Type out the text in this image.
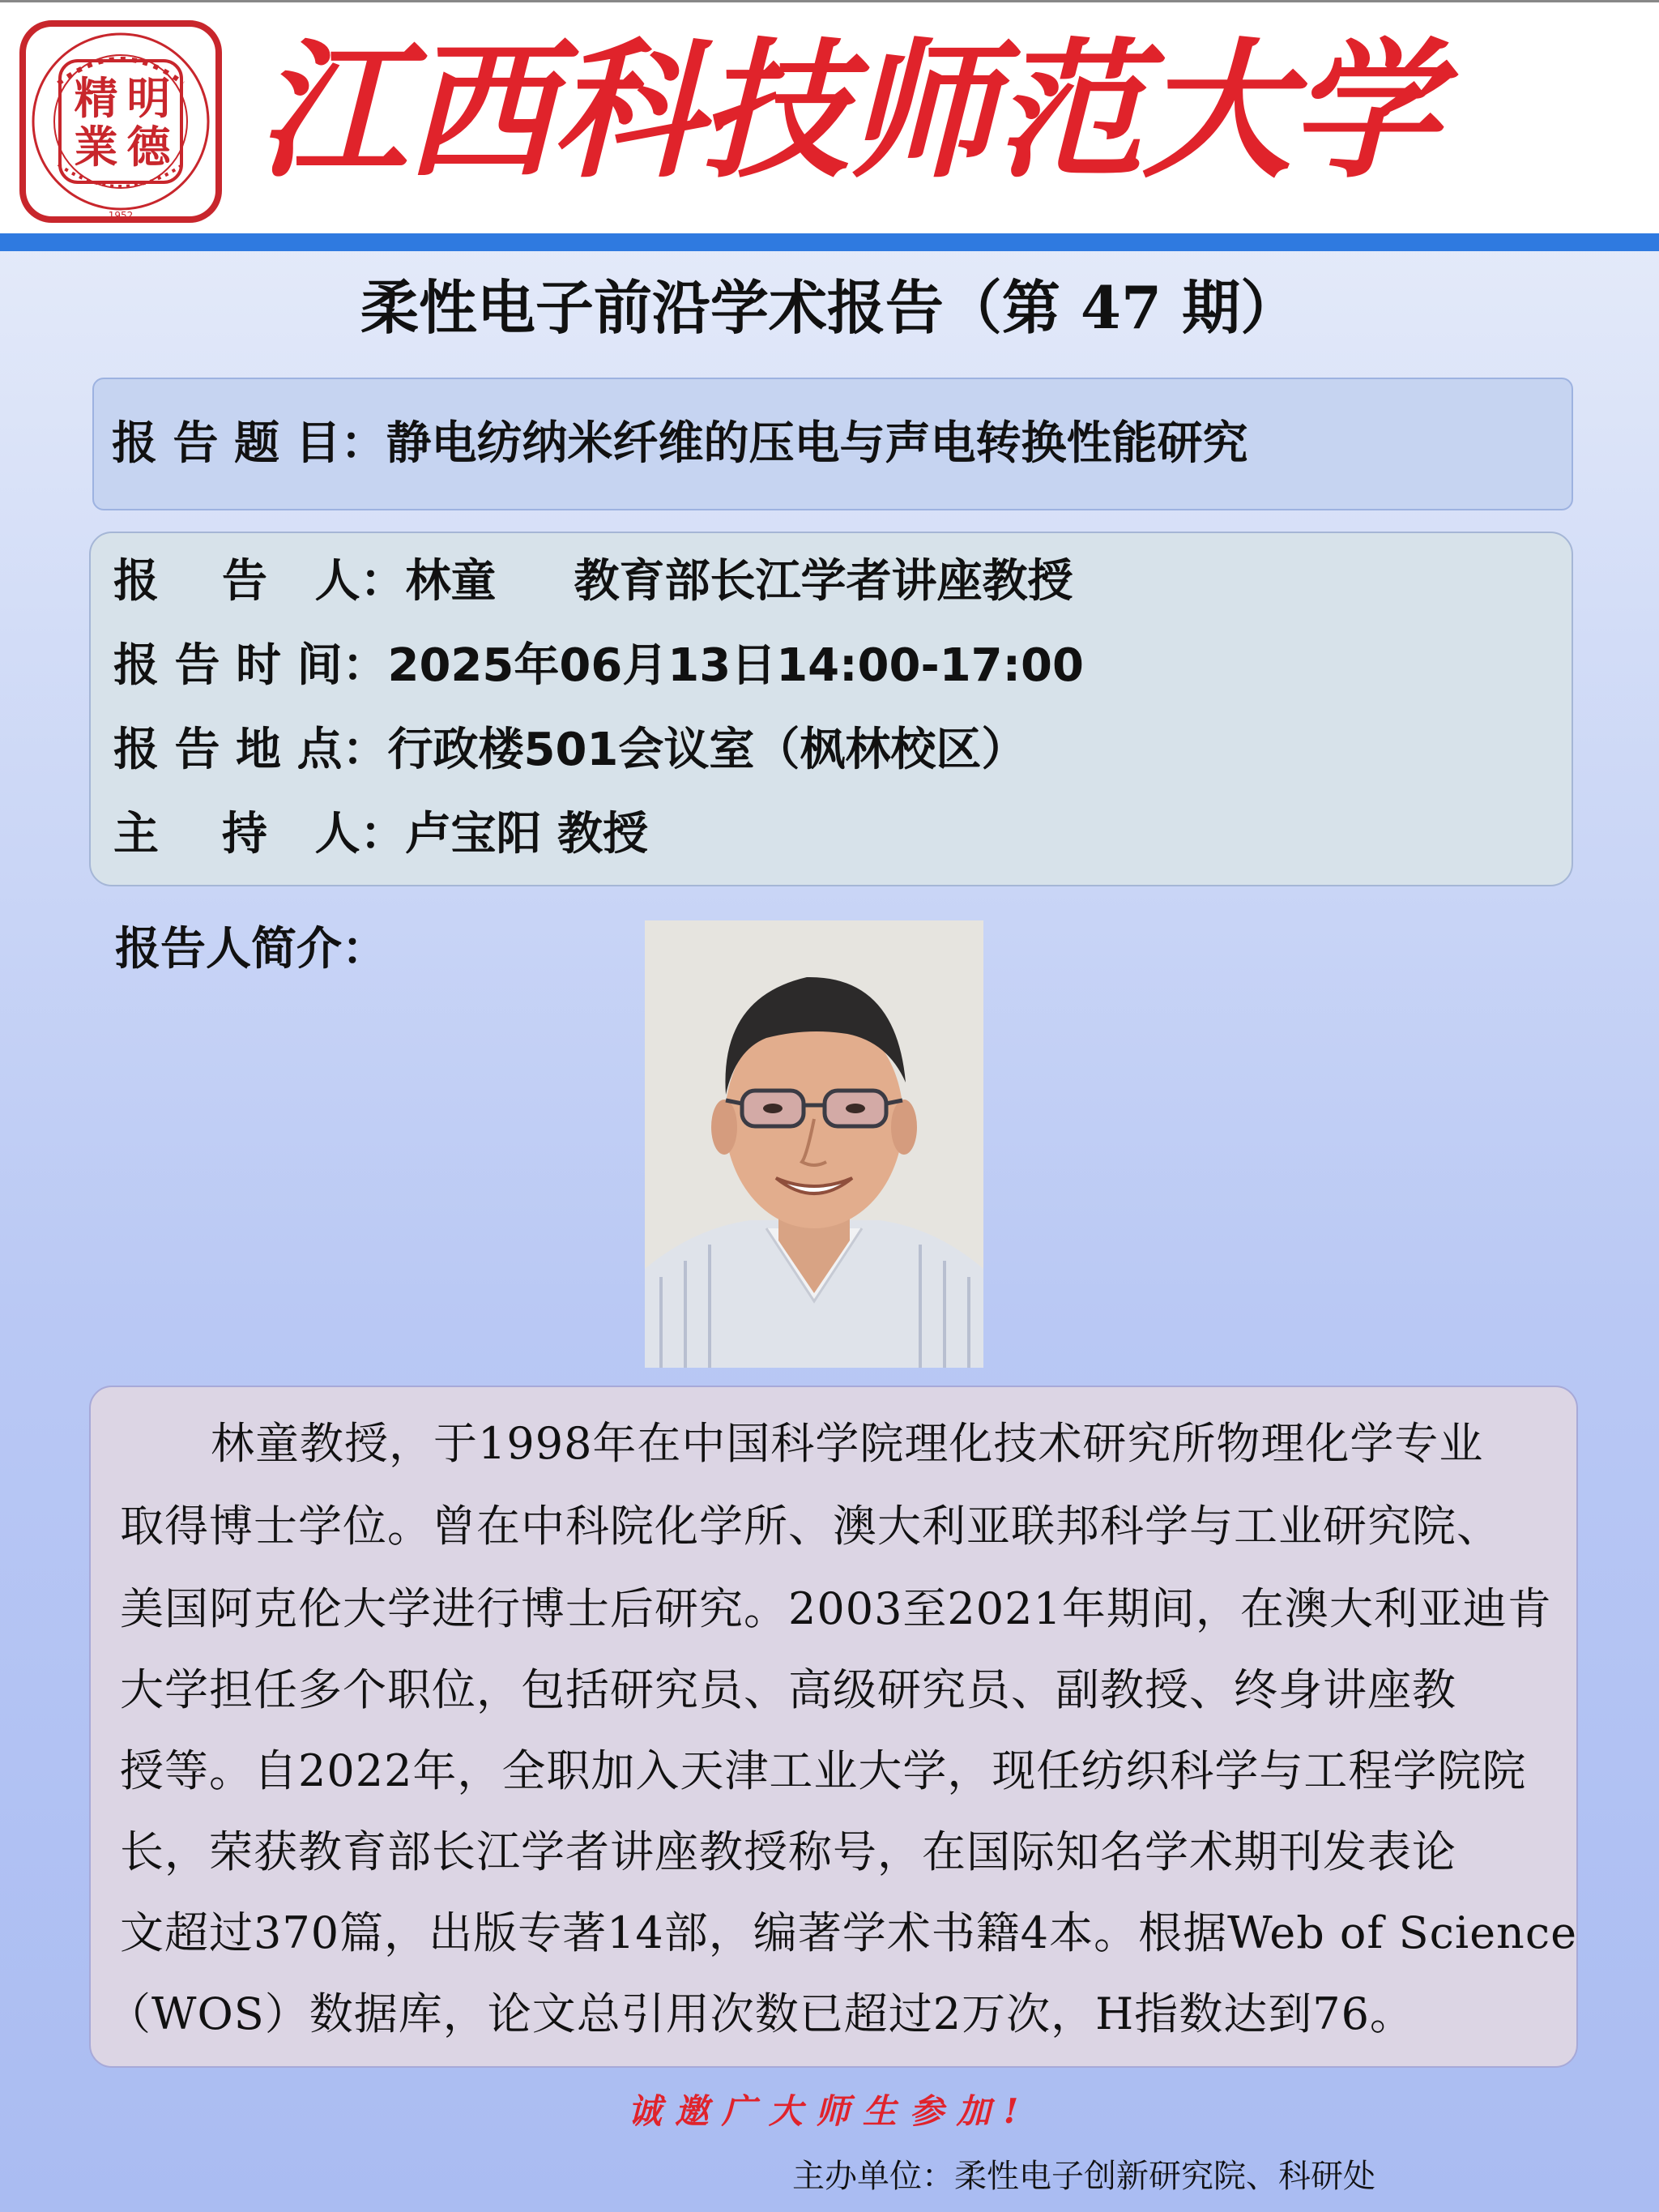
精 明
業 德
1952
江西科技师范大学
柔性电子前沿学术报告（第 47 期）
报 告 题 目：静电纺纳米纤维的压电与声电转换性能研究
报    告   人： 林童 教育部长江学者讲座教授
报 告 时 间： 2025年06月13日14:00-17:00
报 告 地 点： 行政楼501会议室（枫林校区）
主    持   人： 卢宝阳 教授
报告人简介：
林童教授，于1998年在中国科学院理化技术研究所物理化学专业
取得博士学位。曾在中科院化学所、澳大利亚联邦科学与工业研究院、
美国阿克伦大学进行博士后研究。2003至2021年期间，在澳大利亚迪肯
大学担任多个职位，包括研究员、高级研究员、副教授、终身讲座教
授等。自2022年，全职加入天津工业大学，现任纺织科学与工程学院院
长，荣获教育部长江学者讲座教授称号，在国际知名学术期刊发表论
文超过370篇，出版专著14部，编著学术书籍4本。根据Web of Science
（WOS）数据库，论文总引用次数已超过2万次，H指数达到76。
诚邀广大师生参加!
主办单位：柔性电子创新研究院、科研处
